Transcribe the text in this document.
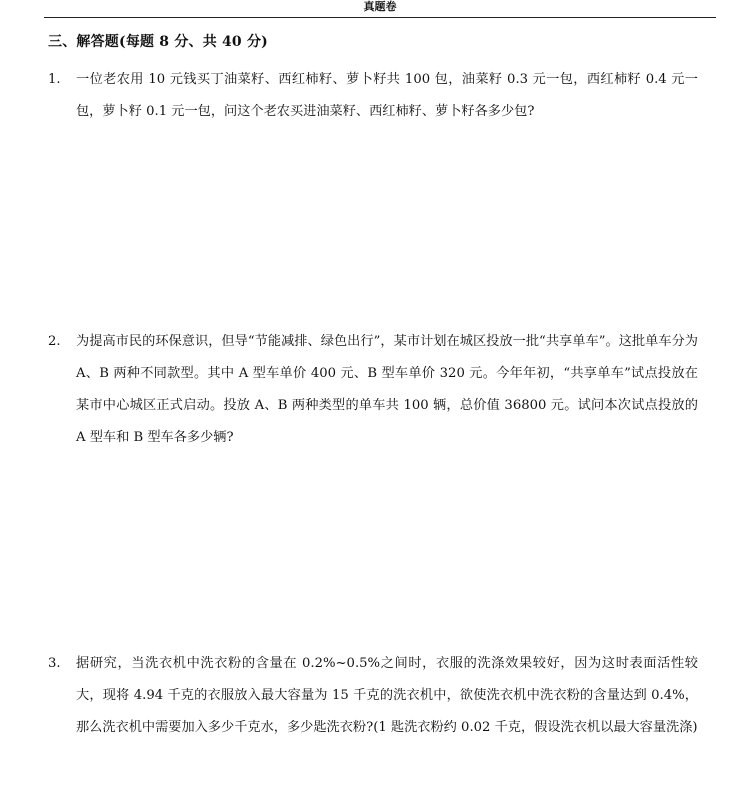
真题卷
三、解答题(每题 8 分、共 40 分)
1. 一位老农用 10 元钱买丁油菜籽、西红柿籽、萝卜籽共 100 包，油菜籽 0.3 元一包，西红柿籽 0.4 元一包，萝卜籽 0.1 元一包，问这个老农买进油菜籽、西红柿籽、萝卜籽各多少包?
2. 为提高市民的环保意识，但导“节能减排、绿色出行”，某市计划在城区投放一批“共享单车”。这批单车分为 A、B 两种不同款型。其中 A 型车单价 400 元、B 型车单价 320 元。今年年初，“共享单车”试点投放在某市中心城区正式启动。投放 A、B 两种类型的单车共 100 辆，总价值 36800 元。试问本次试点投放的 A 型车和 B 型车各多少辆?
3. 据研究，当洗衣机中洗衣粉的含量在 0.2%~0.5%之间时，衣服的洗涤效果较好，因为这时表面活性较大，现将 4.94 千克的衣服放入最大容量为 15 千克的洗衣机中，欲使洗衣机中洗衣粉的含量达到 0.4%，那么洗衣机中需要加入多少千克水，多少匙洗衣粉?(1 匙洗衣粉约 0.02 千克，假设洗衣机以最大容量洗涤)
